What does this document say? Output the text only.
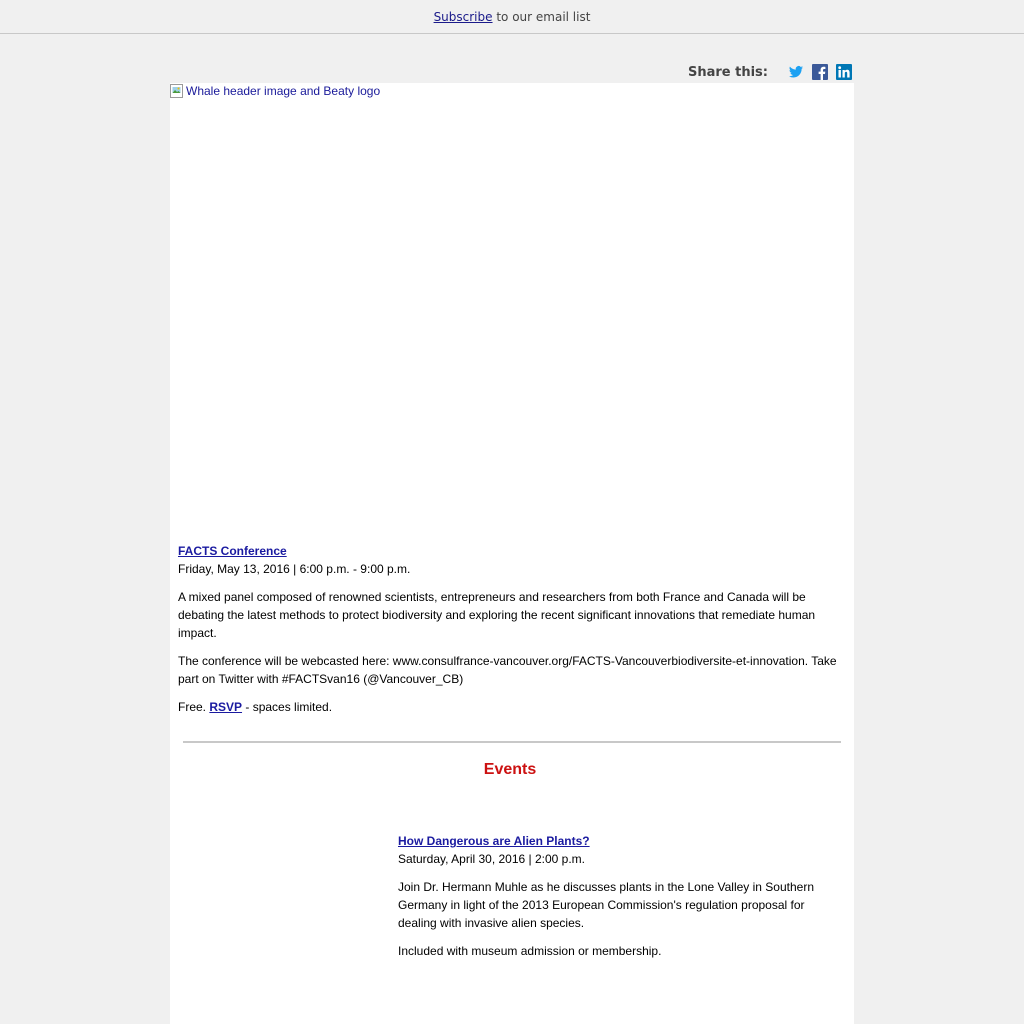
Subscribe to our email list
Share this:
Whale header image and Beaty logo
FACTS Conference

Friday, May 13, 2016 | 6:00 p.m. - 9:00 p.m.

A mixed panel composed of renowned scientists, entrepreneurs and researchers from both France and Canada will be debating the latest methods to protect biodiversity and exploring the recent significant innovations that remediate human impact.

The conference will be webcasted here: www.consulfrance-vancouver.org/FACTS-Vancouverbiodiversite-et-innovation. Take part on Twitter with #FACTSvan16 (@Vancouver_CB)

Free. RSVP - spaces limited.

Events
How Dangerous are Alien Plants?

Saturday, April 30, 2016 | 2:00 p.m.

Join Dr. Hermann Muhle as he discusses plants in the Lone Valley in Southern Germany in light of the 2013 European Commission's regulation proposal for dealing with invasive alien species.

Included with museum admission or membership.
